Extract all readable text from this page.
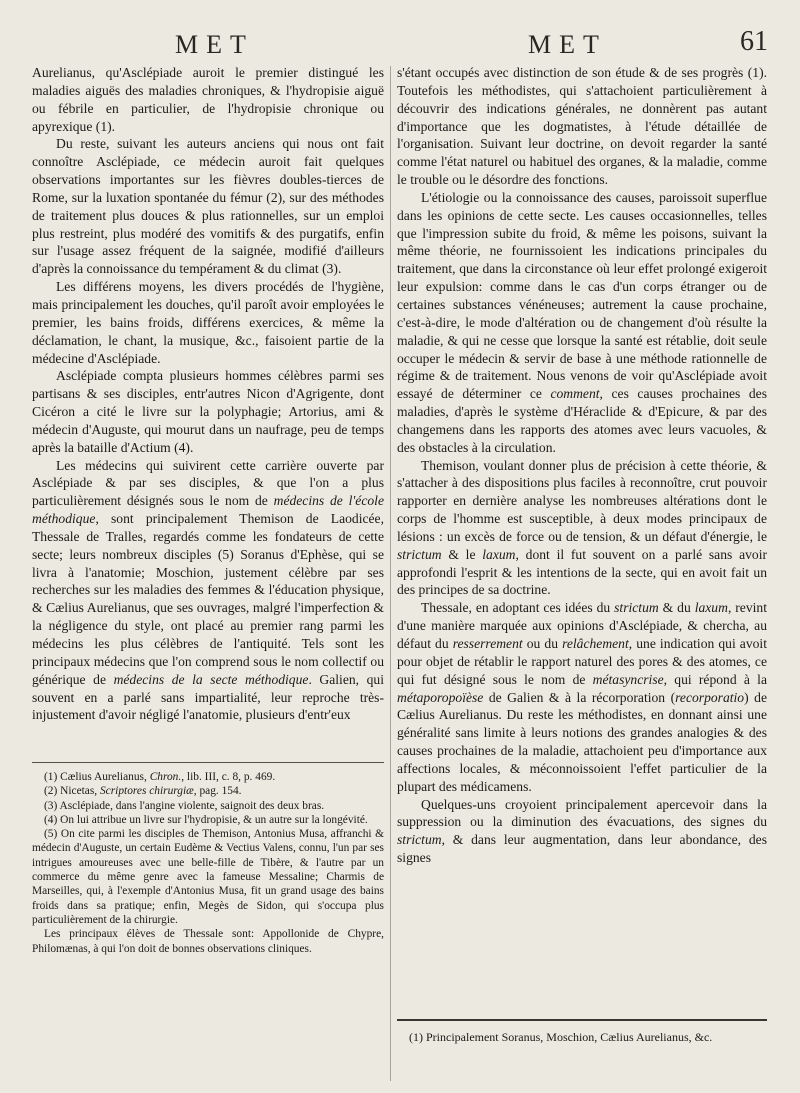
MET	MET	61

Aurelianus, qu'Asclépiade auroit le premier distingué les maladies aiguës des maladies chroniques, & l'hydropisie aiguë ou fébrile en particulier, de l'hydropisie chronique ou apyrexique (1).

Du reste, suivant les auteurs anciens qui nous ont fait connoître Asclépiade, ce médecin auroit fait quelques observations importantes sur les fièvres doubles-tierces de Rome, sur la luxation spontanée du fémur (2), sur des méthodes de traitement plus douces & plus rationnelles, sur un emploi plus restreint, plus modéré des vomitifs & des purgatifs, enfin sur l'usage assez fréquent de la saignée, modifié d'ailleurs d'après la connoissance du tempérament & du climat (3).

Les différens moyens, les divers procédés de l'hygiène, mais principalement les douches, qu'il paroît avoir employées le premier, les bains froids, différens exercices, & même la déclamation, le chant, la musique, &c., faisoient partie de la médecine d'Asclépiade.

Asclépiade compta plusieurs hommes célèbres parmi ses partisans & ses disciples, entr'autres Nicon d'Agrigente, dont Cicéron a cité le livre sur la polyphagie; Artorius, ami & médecin d'Auguste, qui mourut dans un naufrage, peu de temps après la bataille d'Actium (4).

Les médecins qui suivirent cette carrière ouverte par Asclépiade & par ses disciples, & que l'on a plus particulièrement désignés sous le nom de médecins de l'école méthodique, sont principalement Themison de Laodicée, Thessale de Tralles, regardés comme les fondateurs de cette secte; leurs nombreux disciples (5) Soranus d'Ephèse, qui se livra à l'anatomie; Moschion, justement célèbre par ses recherches sur les maladies des femmes & l'éducation physique, & Cælius Aurelianus, que ses ouvrages, malgré l'imperfection & la négligence du style, ont placé au premier rang parmi les médecins les plus célèbres de l'antiquité. Tels sont les principaux médecins que l'on comprend sous le nom collectif ou générique de médecins de la secte méthodique. Galien, qui souvent en a parlé sans impartialité, leur reproche très-injustement d'avoir négligé l'anatomie, plusieurs d'entr'eux

(1) Cælius Aurelianus, Chron., lib. III, c. 8, p. 469.

(2) Nicetas, Scriptores chirurgiæ, pag. 154.

(3) Asclépiade, dans l'angine violente, saignoit des deux bras.

(4) On lui attribue un livre sur l'hydropisie, & un autre sur la longévité.

(5) On cite parmi les disciples de Themison, Antonius Musa, affranchi & médecin d'Auguste, un certain Eudème & Vectius Valens, connu, l'un par ses intrigues amoureuses avec une belle-fille de Tibère, & l'autre par un commerce du même genre avec la fameuse Messaline; Charmis de Marseilles, qui, à l'exemple d'Antonius Musa, fit un grand usage des bains froids dans sa pratique; enfin, Megès de Sidon, qui s'occupa plus particulièrement de la chirurgie.

Les principaux élèves de Thessale sont: Appollonide de Chypre, Philomænas, à qui l'on doit de bonnes observations cliniques.

s'étant occupés avec distinction de son étude & de ses progrès (1). Toutefois les méthodistes, qui s'attachoient particulièrement à découvrir des indications générales, ne donnèrent pas autant d'importance que les dogmatistes, à l'étude détaillée de l'organisation. Suivant leur doctrine, on devoit regarder la santé comme l'état naturel ou habituel des organes, & la maladie, comme le trouble ou le désordre des fonctions.

L'étiologie ou la connoissance des causes, paroissoit superflue dans les opinions de cette secte. Les causes occasionnelles, telles que l'impression subite du froid, & même les poisons, suivant la même théorie, ne fournissoient les indications principales du traitement, que dans la circonstance où leur effet prolongé exigeroit leur expulsion: comme dans le cas d'un corps étranger ou de certaines substances vénéneuses; autrement la cause prochaine, c'est-à-dire, le mode d'altération ou de changement d'où résulte la maladie, & qui ne cesse que lorsque la santé est rétablie, doit seule occuper le médecin & servir de base à une méthode rationnelle de régime & de traitement. Nous venons de voir qu'Asclépiade avoit essayé de déterminer ce comment, ces causes prochaines des maladies, d'après le système d'Héraclide & d'Epicure, & par des changemens dans les rapports des atomes avec leurs vacuoles, & des obstacles à la circulation.

Themison, voulant donner plus de précision à cette théorie, & s'attacher à des dispositions plus faciles à reconnoître, crut pouvoir rapporter en dernière analyse les nombreuses altérations dont le corps de l'homme est susceptible, à deux modes principaux de lésions : un excès de force ou de tension, & un défaut d'énergie, le strictum & le laxum, dont il fut souvent on a parlé sans avoir approfondi l'esprit & les intentions de la secte, qui en avoit fait un des principes de sa doctrine.

Thessale, en adoptant ces idées du strictum & du laxum, revint d'une manière marquée aux opinions d'Asclépiade, & chercha, au défaut du resserrement ou du relâchement, une indication qui avoit pour objet de rétablir le rapport naturel des pores & des atomes, ce qui fut désigné sous le nom de métasyncrise, qui répond à la métaporopoïèse de Galien & à la récorporation (recorporatio) de Cælius Aurelianus. Du reste les méthodistes, en donnant ainsi une généralité sans limite à leurs notions des grandes analogies & des causes prochaines de la maladie, attachoient peu d'importance aux affections locales, & méconnoissoient l'effet particulier de la plupart des médicamens.

Quelques-uns croyoient principalement apercevoir dans la suppression ou la diminution des évacuations, des signes du strictum, & dans leur augmentation, dans leur abondance, des signes

(1) Principalement Soranus, Moschion, Cælius Aurelianus, &c.
